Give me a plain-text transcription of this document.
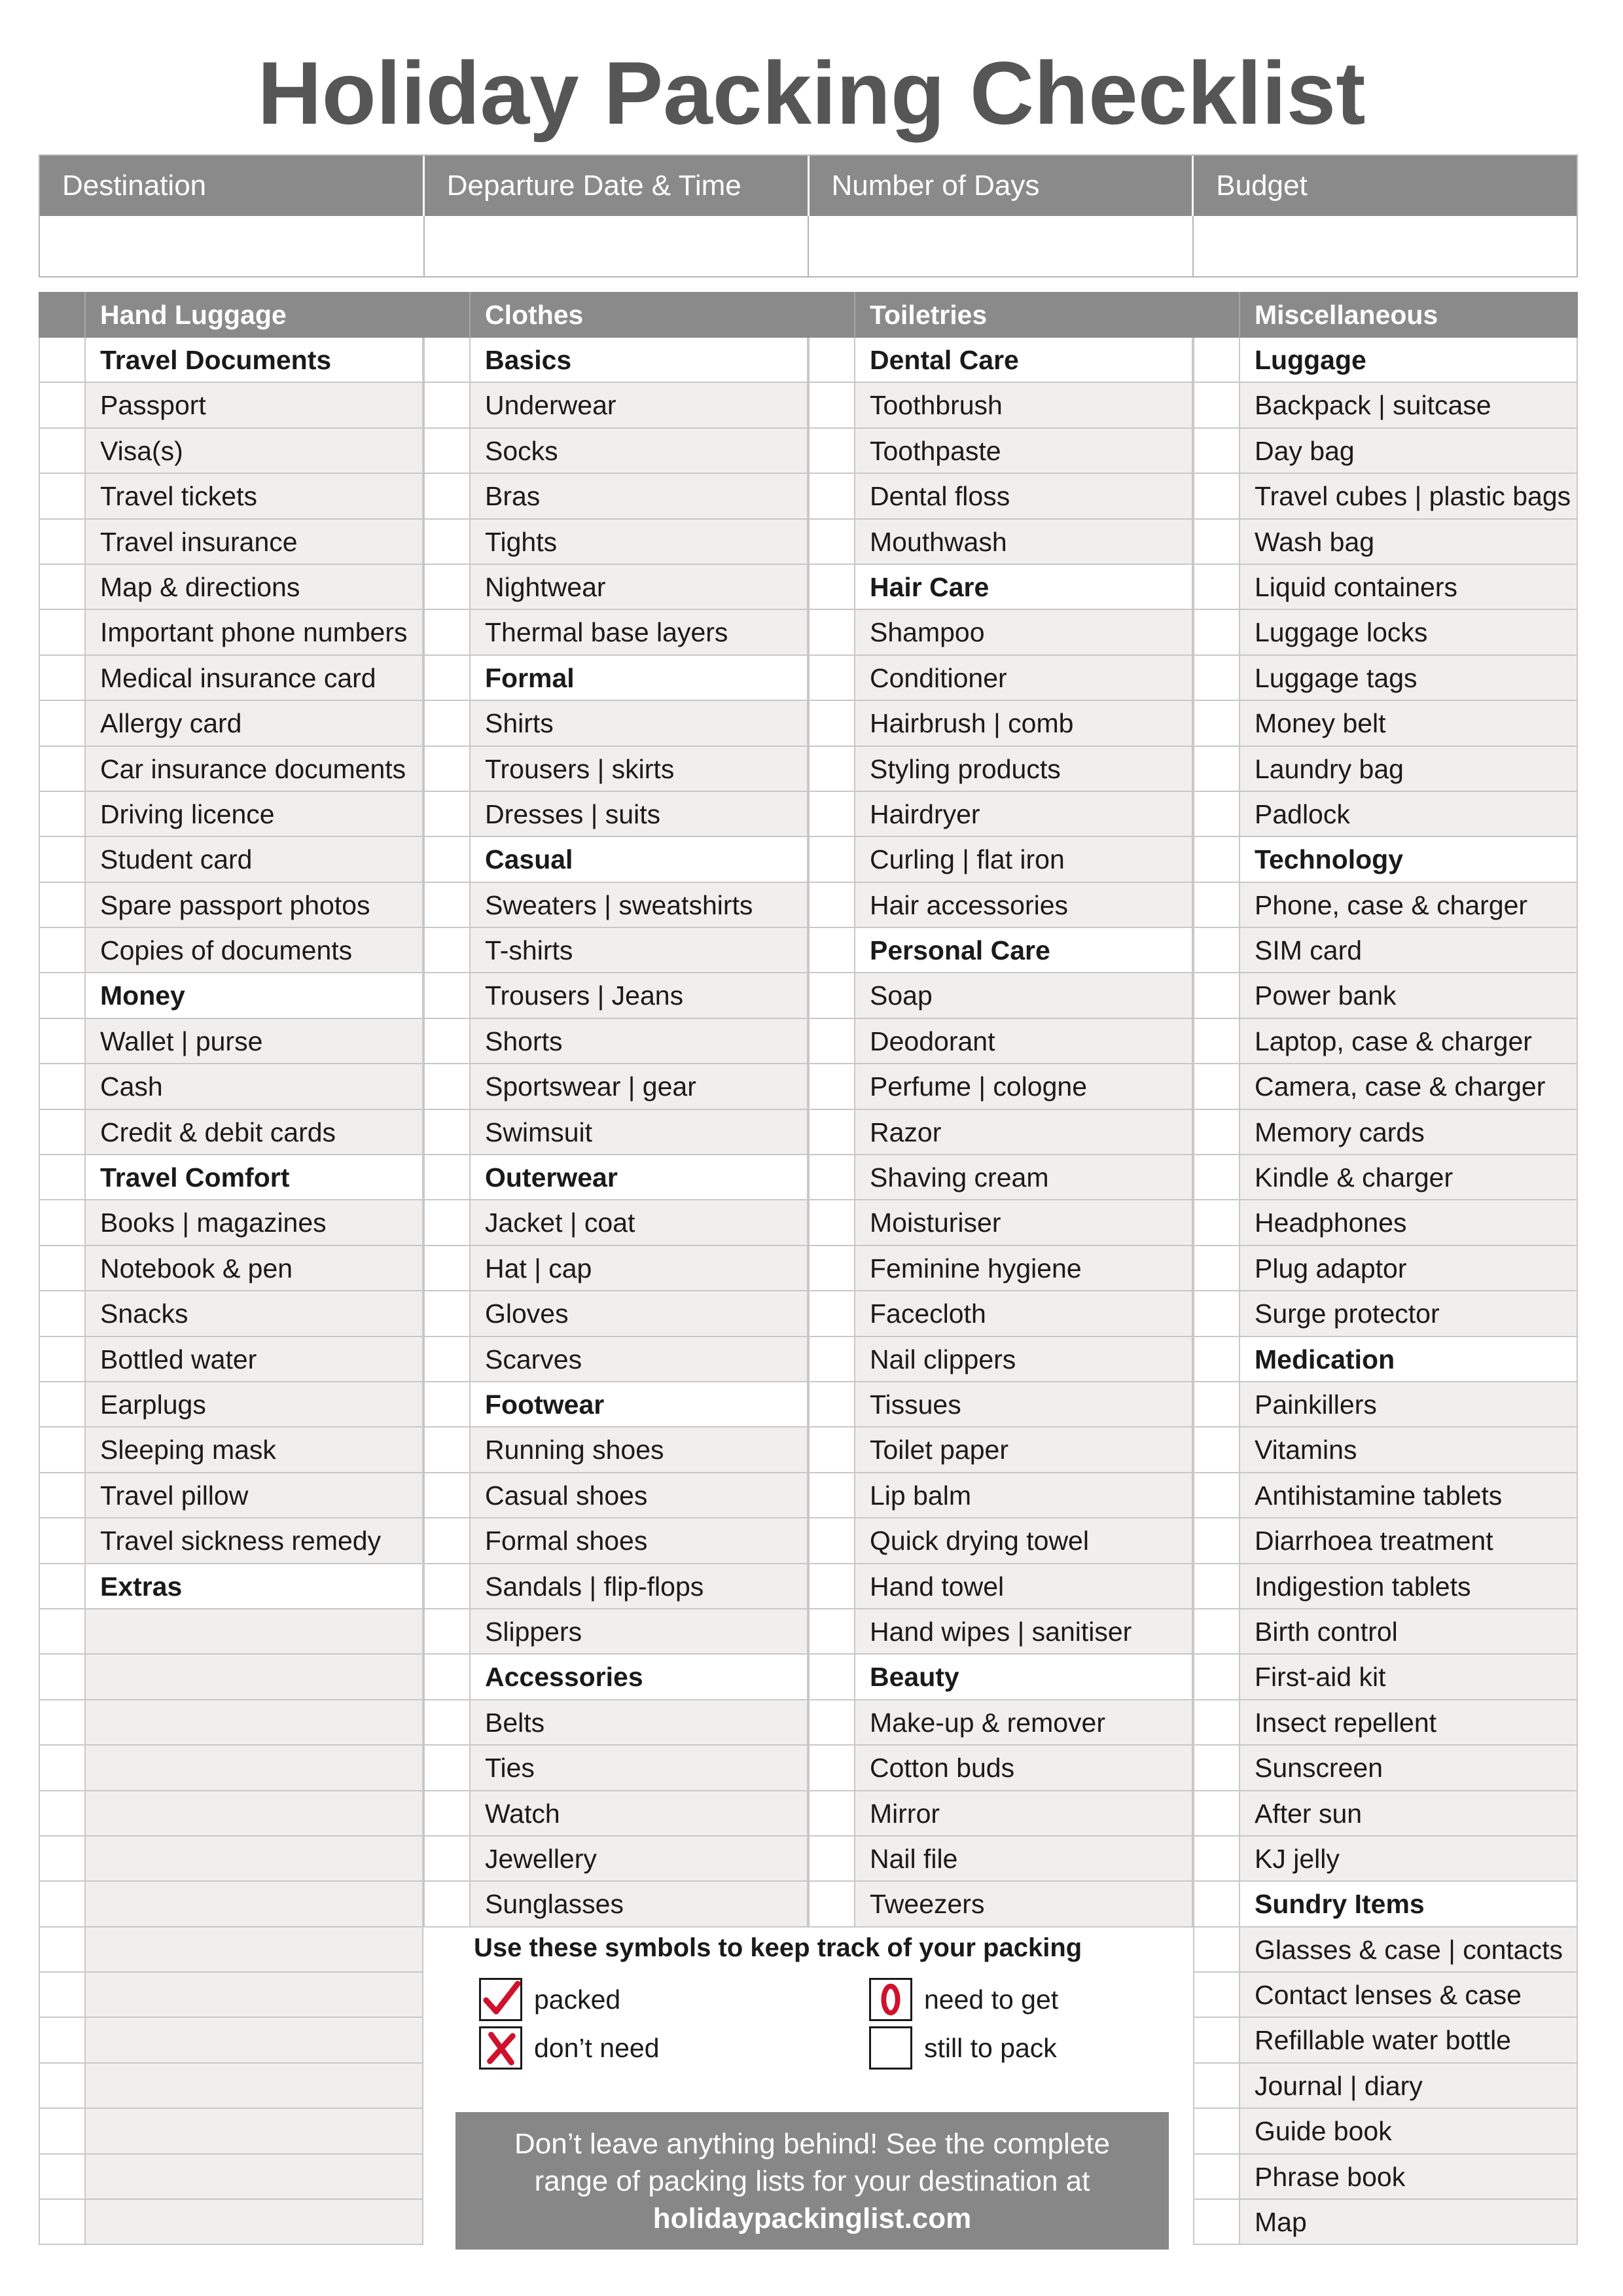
Holiday Packing Checklist
Destination	Departure Date & Time	Number of Days	Budget
Hand Luggage
Travel Documents
Passport
Visa(s)
Travel tickets
Travel insurance
Map & directions
Important phone numbers
Medical insurance card
Allergy card
Car insurance documents
Driving licence
Student card
Spare passport photos
Copies of documents
Money
Wallet | purse
Cash
Credit & debit cards
Travel Comfort
Books | magazines
Notebook & pen
Snacks
Bottled water
Earplugs
Sleeping mask
Travel pillow
Travel sickness remedy
Extras
Clothes
Basics
Underwear
Socks
Bras
Tights
Nightwear
Thermal base layers
Formal
Shirts
Trousers | skirts
Dresses | suits
Casual
Sweaters | sweatshirts
T-shirts
Trousers | Jeans
Shorts
Sportswear | gear
Swimsuit
Outerwear
Jacket | coat
Hat | cap
Gloves
Scarves
Footwear
Running shoes
Casual shoes
Formal shoes
Sandals | flip-flops
Slippers
Accessories
Belts
Ties
Watch
Jewellery
Sunglasses
Toiletries
Dental Care
Toothbrush
Toothpaste
Dental floss
Mouthwash
Hair Care
Shampoo
Conditioner
Hairbrush | comb
Styling products
Hairdryer
Curling | flat iron
Hair accessories
Personal Care
Soap
Deodorant
Perfume | cologne
Razor
Shaving cream
Moisturiser
Feminine hygiene
Facecloth
Nail clippers
Tissues
Toilet paper
Lip balm
Quick drying towel
Hand towel
Hand wipes | sanitiser
Beauty
Make-up & remover
Cotton buds
Mirror
Nail file
Tweezers
Miscellaneous
Luggage
Backpack | suitcase
Day bag
Travel cubes | plastic bags
Wash bag
Liquid containers
Luggage locks
Luggage tags
Money belt
Laundry bag
Padlock
Technology
Phone, case & charger
SIM card
Power bank
Laptop, case & charger
Camera, case & charger
Memory cards
Kindle & charger
Headphones
Plug adaptor
Surge protector
Medication
Painkillers
Vitamins
Antihistamine tablets
Diarrhoea treatment
Indigestion tablets
Birth control
First-aid kit
Insect repellent
Sunscreen
After sun
KJ jelly
Sundry Items
Glasses & case | contacts
Contact lenses & case
Refillable water bottle
Journal | diary
Guide book
Phrase book
Map
Use these symbols to keep track of your packing
packed
don’t need
need to get
still to pack
Don’t leave anything behind! See the complete
range of packing lists for your destination at
holidaypackinglist.com
